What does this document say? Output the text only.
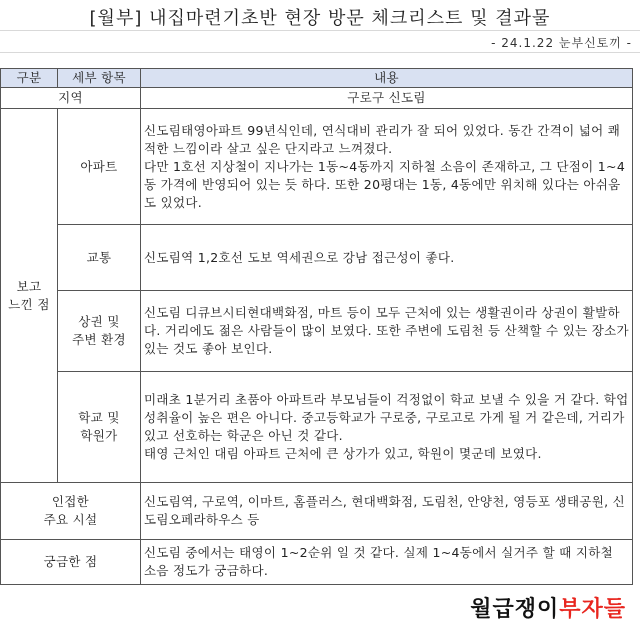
[월부] 내집마련기초반 현장 방문 체크리스트 및 결과물
- 24.1.22 눈부신토끼 -
구분	세부 항목	내용
지역		구로구 신도림
보고
느낀 점	아파트	신도림태영아파트 99년식인데, 연식대비 관리가 잘 되어 있었다. 동간 간격이 넓어 쾌적한 느낌이라 살고 싶은 단지라고 느껴졌다.
다만 1호선 지상철이 지나가는 1동~4동까지 지하철 소음이 존재하고, 그 단점이 1~4동 가격에 반영되어 있는 듯 하다. 또한 20평대는 1동, 4동에만 위치해 있다는 아쉬움도 있었다.
	교통	신도림역 1,2호선 도보 역세권으로 강남 접근성이 좋다.
	상권 및
주변 환경	신도림 디큐브시티현대백화점, 마트 등이 모두 근처에 있는 생활권이라 상권이 활발하다. 거리에도 젊은 사람들이 많이 보였다. 또한 주변에 도림천 등 산책할 수 있는 장소가 있는 것도 좋아 보인다.
	학교 및
학원가	미래초 1분거리 초품아 아파트라 부모님들이 걱정없이 학교 보낼 수 있을 거 같다. 학업성취율이 높은 편은 아니다. 중고등학교가 구로중, 구로고로 가게 될 거 같은데, 거리가 있고 선호하는 학군은 아닌 것 같다.
태영 근처인 대림 아파트 근처에 큰 상가가 있고, 학원이 몇군데 보였다.
인접한
주요 시설		신도림역, 구로역, 이마트, 홈플러스, 현대백화점, 도림천, 안양천, 영등포 생태공원, 신도림오페라하우스 등
궁금한 점		신도림 중에서는 태영이 1~2순위 일 것 같다. 실제 1~4동에서 실거주 할 때 지하철 소음 정도가 궁금하다.
월급쟁이부자들
